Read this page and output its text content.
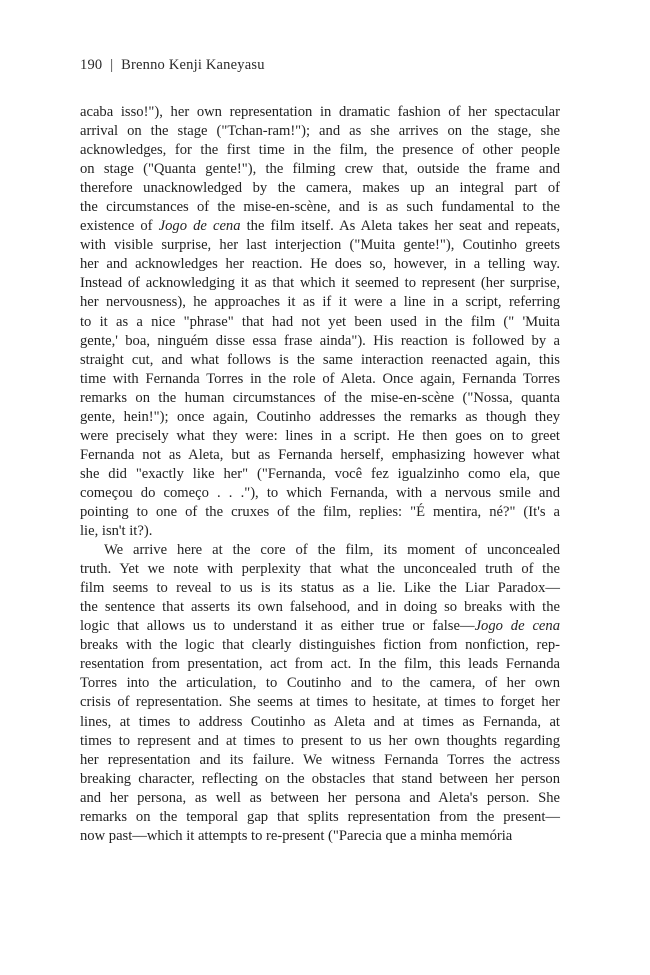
190 | Brenno Kenji Kaneyasu
acaba isso!"), her own representation in dramatic fashion of her spectacular
arrival on the stage ("Tchan-ram!"); and as she arrives on the stage, she
acknowledges, for the first time in the film, the presence of other people
on stage ("Quanta gente!"), the filming crew that, outside the frame and
therefore unacknowledged by the camera, makes up an integral part of
the circumstances of the mise-en-scène, and is as such fundamental to the
existence of Jogo de cena the film itself. As Aleta takes her seat and repeats,
with visible surprise, her last interjection ("Muita gente!"), Coutinho greets
her and acknowledges her reaction. He does so, however, in a telling way.
Instead of acknowledging it as that which it seemed to represent (her surprise,
her nervousness), he approaches it as if it were a line in a script, referring
to it as a nice "phrase" that had not yet been used in the film (" 'Muita
gente,' boa, ninguém disse essa frase ainda"). His reaction is followed by a
straight cut, and what follows is the same interaction reenacted again, this
time with Fernanda Torres in the role of Aleta. Once again, Fernanda Torres
remarks on the human circumstances of the mise-en-scène ("Nossa, quanta
gente, hein!"); once again, Coutinho addresses the remarks as though they
were precisely what they were: lines in a script. He then goes on to greet
Fernanda not as Aleta, but as Fernanda herself, emphasizing however what
she did "exactly like her" ("Fernanda, você fez igualzinho como ela, que
começou do começo . . ."), to which Fernanda, with a nervous smile and
pointing to one of the cruxes of the film, replies: "É mentira, né?" (It's a
lie, isn't it?).
We arrive here at the core of the film, its moment of unconcealed
truth. Yet we note with perplexity that what the unconcealed truth of the
film seems to reveal to us is its status as a lie. Like the Liar Paradox—
the sentence that asserts its own falsehood, and in doing so breaks with the
logic that allows us to understand it as either true or false—Jogo de cena
breaks with the logic that clearly distinguishes fiction from nonfiction, rep-
resentation from presentation, act from act. In the film, this leads Fernanda
Torres into the articulation, to Coutinho and to the camera, of her own
crisis of representation. She seems at times to hesitate, at times to forget her
lines, at times to address Coutinho as Aleta and at times as Fernanda, at
times to represent and at times to present to us her own thoughts regarding
her representation and its failure. We witness Fernanda Torres the actress
breaking character, reflecting on the obstacles that stand between her person
and her persona, as well as between her persona and Aleta's person. She
remarks on the temporal gap that splits representation from the present—
now past—which it attempts to re-present ("Parecia que a minha memória
